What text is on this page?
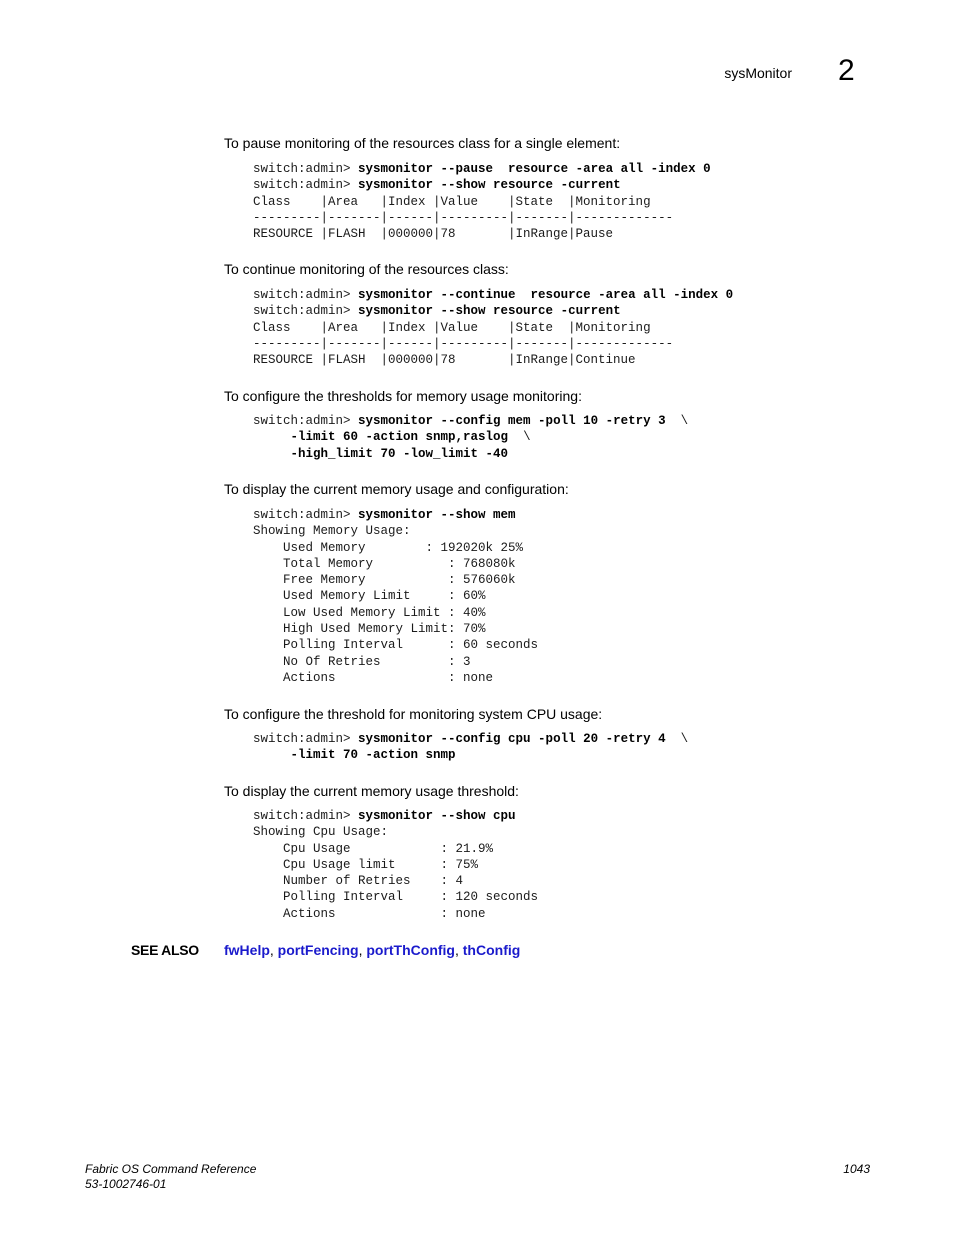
sysMonitor 2
To pause monitoring of the resources class for a single element:
switch:admin> sysmonitor --pause  resource -area all -index 0
switch:admin> sysmonitor --show resource -current
Class    |Area   |Index |Value    |State  |Monitoring
---------|-------|------|---------|-------|-------------
RESOURCE |FLASH  |000000|78       |InRange|Pause
To continue monitoring of the resources class:
switch:admin> sysmonitor --continue  resource -area all -index 0
switch:admin> sysmonitor --show resource -current
Class    |Area   |Index |Value    |State  |Monitoring
---------|-------|------|---------|-------|-------------
RESOURCE |FLASH  |000000|78       |InRange|Continue
To configure the thresholds for memory usage monitoring:
switch:admin> sysmonitor --config mem -poll 10 -retry 3  \
-limit 60 -action snmp,raslog  \
-high_limit 70 -low_limit -40
To display the current memory usage and configuration:
switch:admin> sysmonitor --show mem
Showing Memory Usage:
Used Memory        : 192020k 25%
Total Memory          : 768080k
Free Memory           : 576060k
Used Memory Limit     : 60%
Low Used Memory Limit : 40%
High Used Memory Limit: 70%
Polling Interval      : 60 seconds
No Of Retries         : 3
Actions               : none
To configure the threshold for monitoring system CPU usage:
switch:admin> sysmonitor --config cpu -poll 20 -retry 4  \
-limit 70 -action snmp
To display the current memory usage threshold:
switch:admin> sysmonitor --show cpu
Showing Cpu Usage:
Cpu Usage            : 21.9%
Cpu Usage limit      : 75%
Number of Retries    : 4
Polling Interval     : 120 seconds
Actions              : none
SEE ALSO fwHelp, portFencing, portThConfig, thConfig
Fabric OS Command Reference
53-1002746-01
1043
